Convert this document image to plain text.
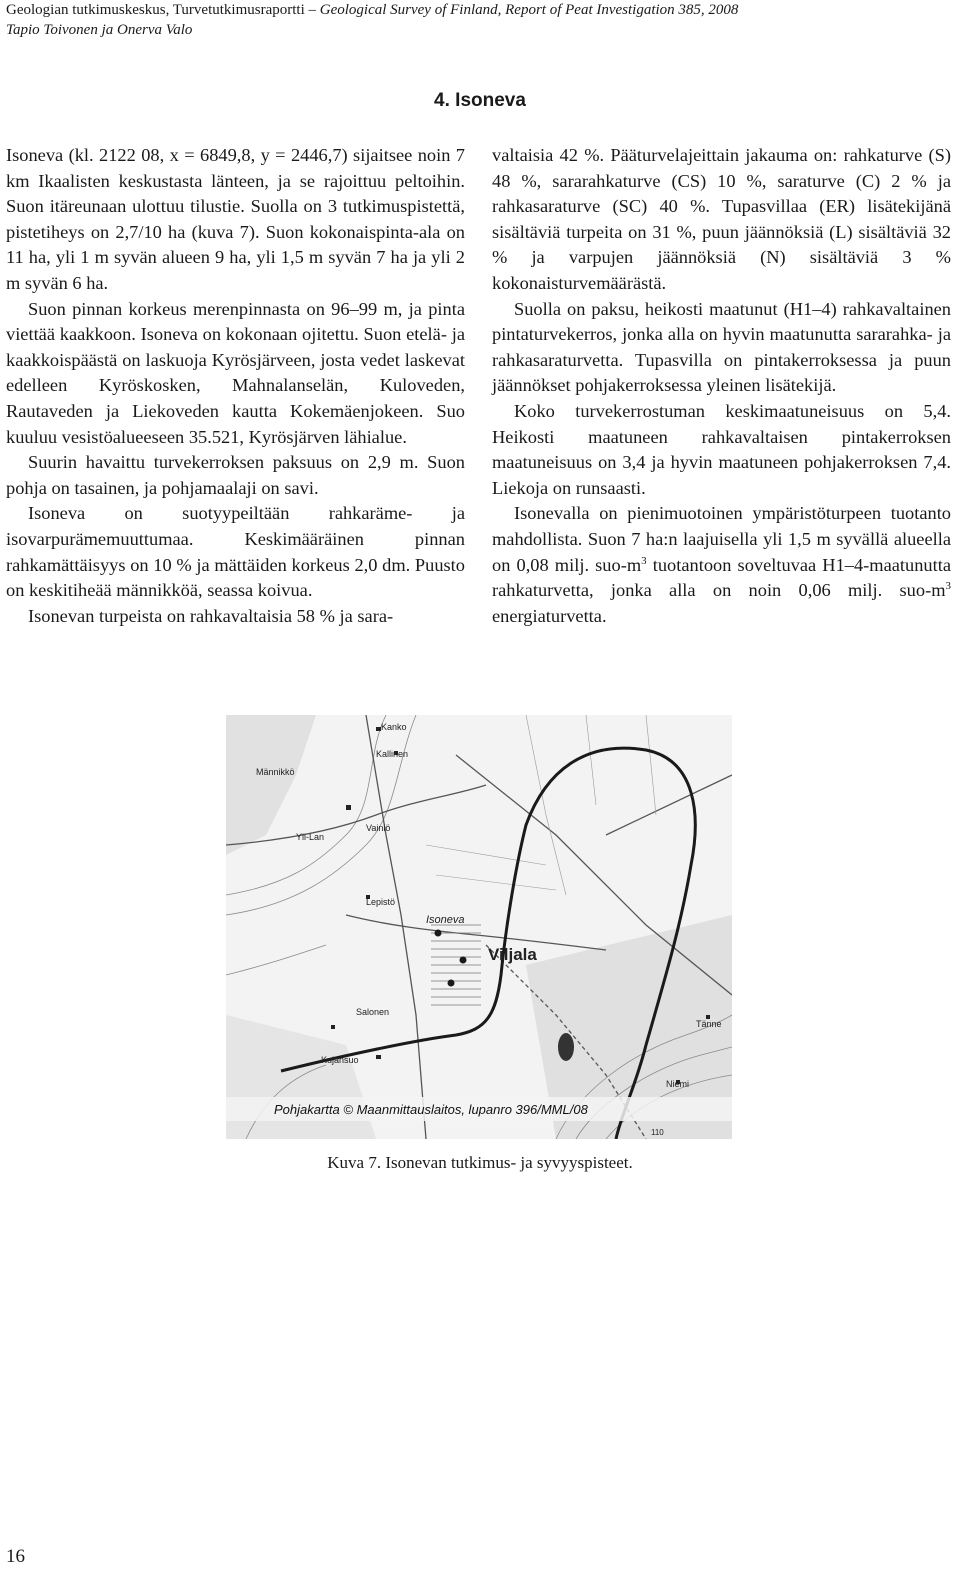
Geologian tutkimuskeskus, Turvetutkimusraportti – Geological Survey of Finland, Report of Peat Investigation 385, 2008
Tapio Toivonen ja Onerva Valo
4. Isoneva

Isoneva (kl. 2122 08, x = 6849,8, y = 2446,7) sijaitsee noin 7 km Ikaalisten keskustasta länteen, ja se rajoittuu peltoihin. Suon itäreunaan ulottuu tilustie. Suolla on 3 tutkimuspistettä, pistetiheys on 2,7/10 ha (kuva 7). Suon kokonaispinta-ala on 11 ha, yli 1 m syvän alueen 9 ha, yli 1,5 m syvän 7 ha ja yli 2 m syvän 6 ha.

Suon pinnan korkeus merenpinnasta on 96–99 m, ja pinta viettää kaakkoon. Isoneva on kokonaan ojitettu. Suon etelä- ja kaakkoispäästä on laskuoja Kyrösjärveen, josta vedet laskevat edelleen Kyröskosken, Mahnalanselän, Kuloveden, Rautaveden ja Liekoveden kautta Kokemäenjokeen. Suo kuuluu vesistöalueeseen 35.521, Kyrösjärven lähialue.

Suurin havaittu turvekerroksen paksuus on 2,9 m. Suon pohja on tasainen, ja pohjamaalaji on savi.

Isoneva on suotyypeiltään rahkaräme- ja isovarpurämemuuttumaa. Keskimääräinen pinnan rahkamättäisyys on 10 % ja mättäiden korkeus 2,0 dm. Puusto on keskitiheää männikköä, seassa koivua.

Isonevan turpeista on rahkavaltaisia 58 % ja sara-

valtaisia 42 %. Pääturvelajeittain jakauma on: rahkaturve (S) 48 %, sararahkaturve (CS) 10 %, saraturve (C) 2 % ja rahkasaraturve (SC) 40 %. Tupasvillaa (ER) lisätekijänä sisältäviä turpeita on 31 %, puun jäännöksiä (L) sisältäviä 32 % ja varpujen jäännöksiä (N) sisältäviä 3 % kokonaisturvemäärästä.

Suolla on paksu, heikosti maatunut (H1–4) rahkavaltainen pintaturvekerros, jonka alla on hyvin maatunutta sararahka- ja rahkasaraturvetta. Tupasvilla on pintakerroksessa ja puun jäännökset pohjakerroksessa yleinen lisätekijä.

Koko turvekerrostuman keskimaatuneisuus on 5,4. Heikosti maatuneen rahkavaltaisen pintakerroksen maatuneisuus on 3,4 ja hyvin maatuneen pohjakerroksen 7,4. Liekoja on runsaasti.

Isonevalla on pienimuotoinen ympäristöturpeen tuotanto mahdollista. Suon 7 ha:n laajuisella yli 1,5 m syvällä alueella on 0,08 milj. suo-$m^3$ tuotantoon soveltuvaa H1–4-maatunutta rahkaturvetta, jonka alla on noin 0,06 milj. suo-$m^3$ energiaturvetta.

Kanko
Kallinen
Männikkö
Yli-Lan
Vainiö
Lepistö
Isoneva
Viljala
Salonen
Kujansuo
Niemi
Tänne
110
Pohjakartta © Maanmittauslaitos, lupanro 396/MML/08
Kuva 7. Isonevan tutkimus- ja syvyyspisteet.
16
